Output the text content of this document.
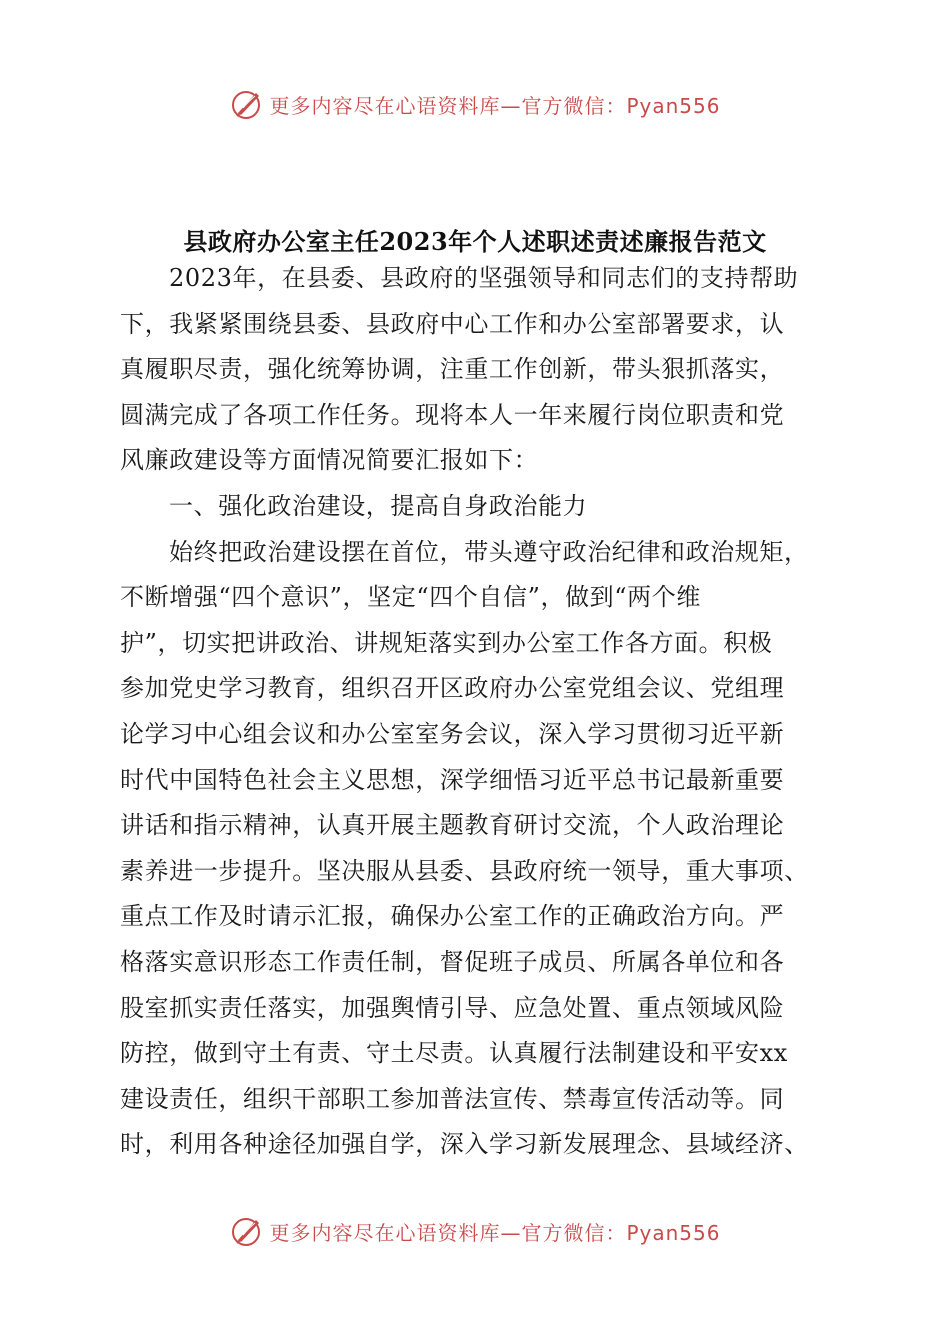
更多内容尽在心语资料库—官方微信：Pyan556
县政府办公室主任2023年个人述职述责述廉报告范文
2023年，在县委、县政府的坚强领导和同志们的支持帮助
下，我紧紧围绕县委、县政府中心工作和办公室部署要求，认
真履职尽责，强化统筹协调，注重工作创新，带头狠抓落实，
圆满完成了各项工作任务。现将本人一年来履行岗位职责和党
风廉政建设等方面情况简要汇报如下：
一、强化政治建设，提高自身政治能力
始终把政治建设摆在首位，带头遵守政治纪律和政治规矩，
不断增强“四个意识”，坚定“四个自信”，做到“两个维
护”，切实把讲政治、讲规矩落实到办公室工作各方面。积极
参加党史学习教育，组织召开区政府办公室党组会议、党组理
论学习中心组会议和办公室室务会议，深入学习贯彻习近平新
时代中国特色社会主义思想，深学细悟习近平总书记最新重要
讲话和指示精神，认真开展主题教育研讨交流，个人政治理论
素养进一步提升。坚决服从县委、县政府统一领导，重大事项、
重点工作及时请示汇报，确保办公室工作的正确政治方向。严
格落实意识形态工作责任制，督促班子成员、所属各单位和各
股室抓实责任落实，加强舆情引导、应急处置、重点领域风险
防控，做到守土有责、守土尽责。认真履行法制建设和平安xx
建设责任，组织干部职工参加普法宣传、禁毒宣传活动等。同
时，利用各种途径加强自学，深入学习新发展理念、县域经济、
更多内容尽在心语资料库—官方微信：Pyan556
